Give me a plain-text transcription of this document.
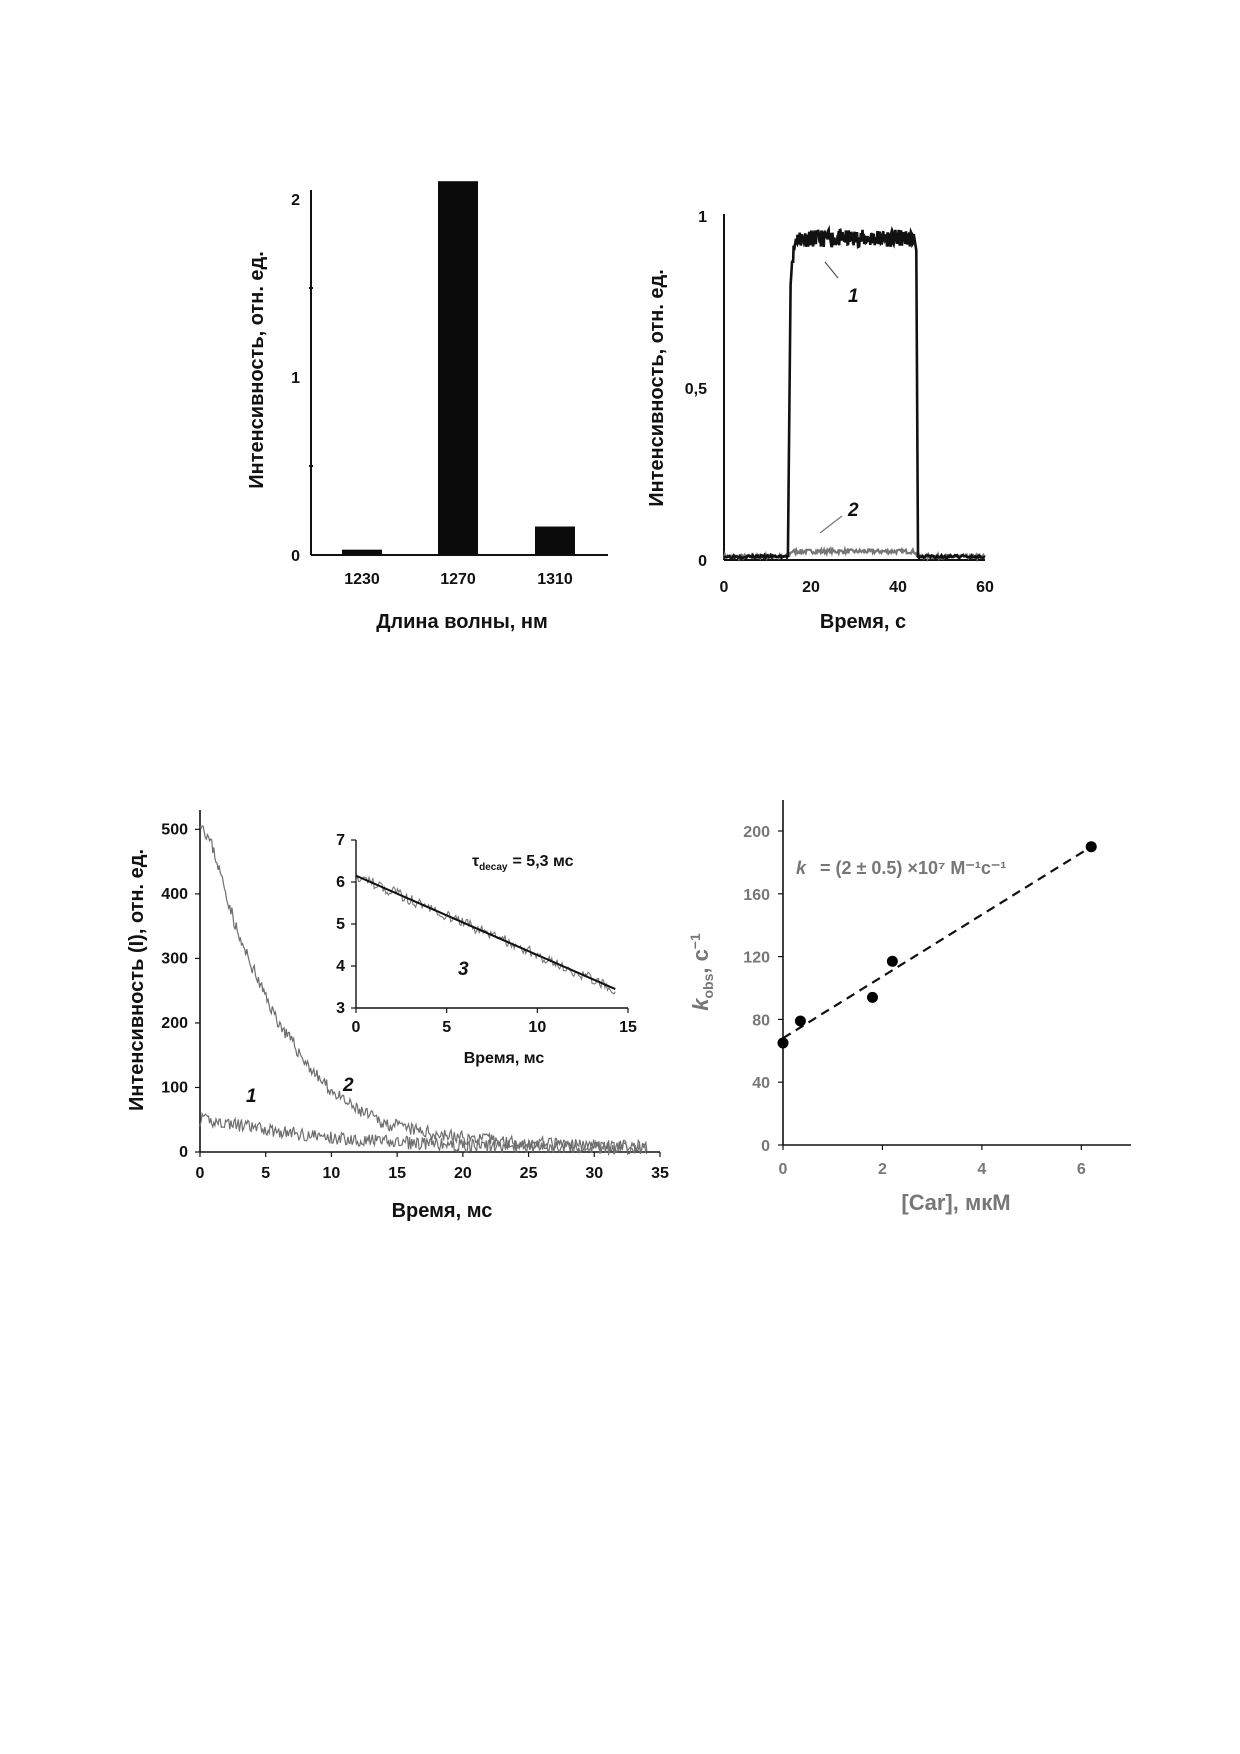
0
1
2
1230	1270	1310
Длина волны, нм
Интенсивность, отн. ед.
0	20	40	60
0
0,5
1
1
2
Время, с
Интенсивность, отн. ед.
0	5	10	15	20	25	30	35
0
100
200
300
400
500
1
2
Время, мс
Интенсивность (I), отн. ед.	0	5	10	15
3
4
5
6
7
3
$\tau_{decay} = 5,3$ мс
Время, мс
0	2	4	6
0
40
80
120
160
200
k = (2 ± 0.5) ×10⁷ M⁻¹c⁻¹
[Car], мкМ
$k_{obs}$, $c^{-1}$
